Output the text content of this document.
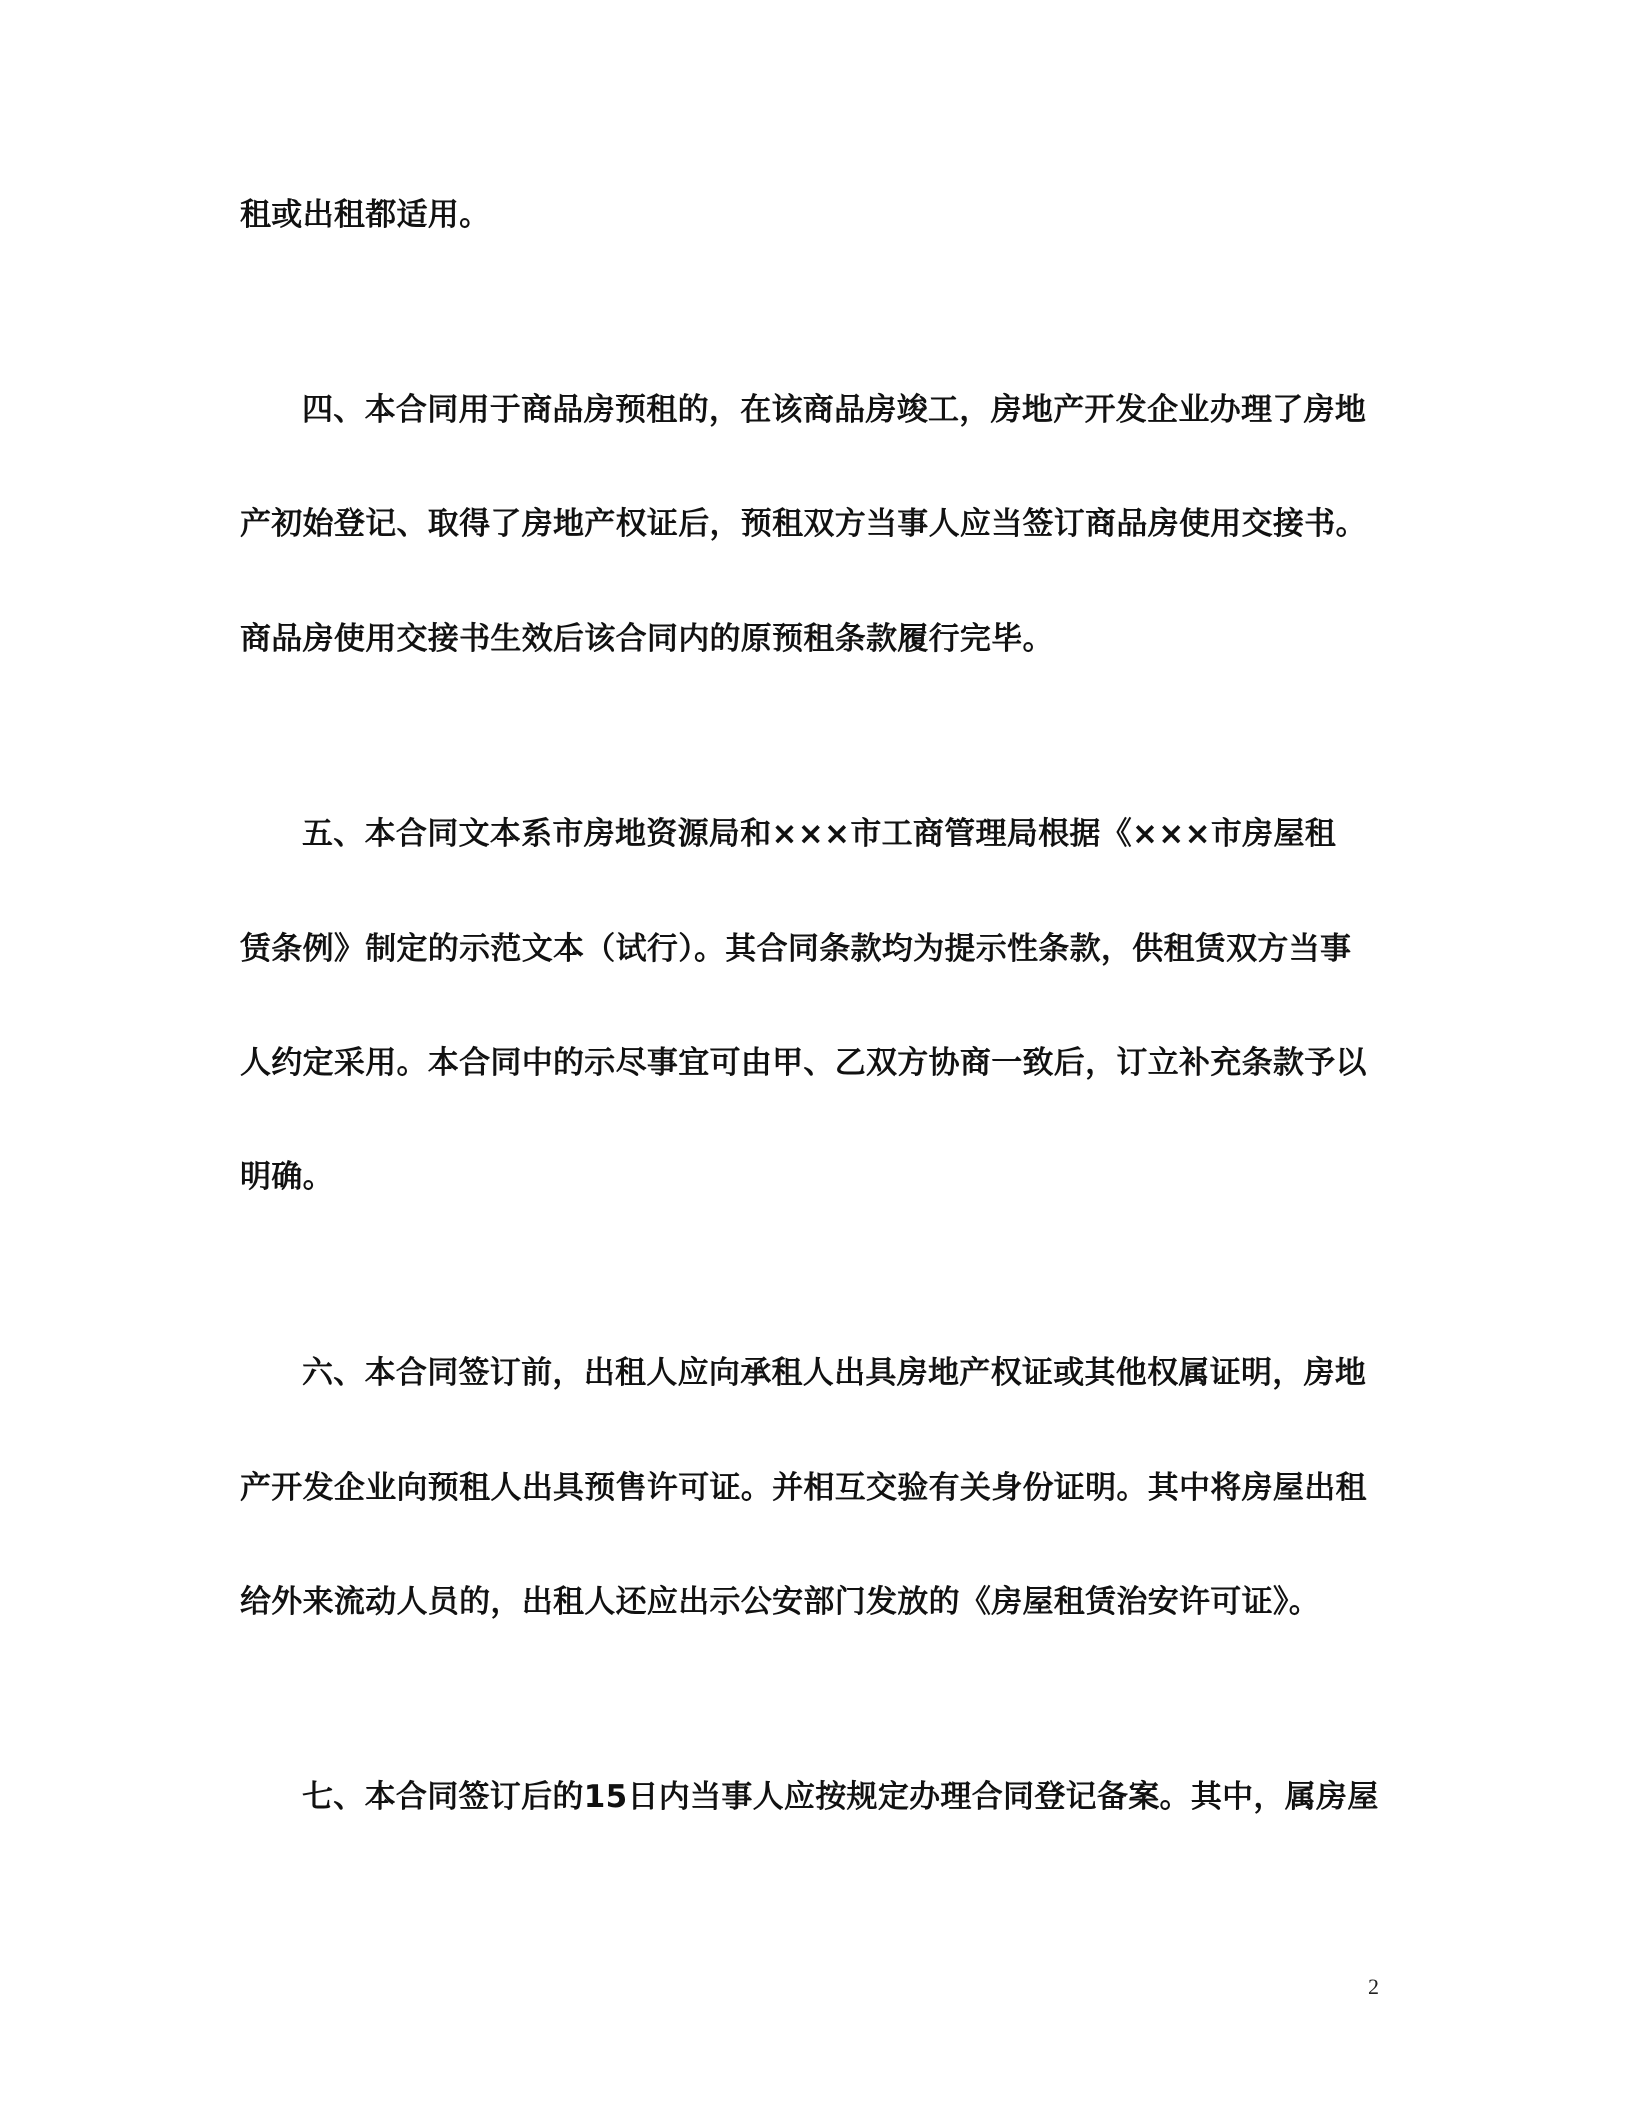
租或出租都适用。
四、本合同用于商品房预租的，在该商品房竣工，房地产开发企业办理了房地
产初始登记、取得了房地产权证后，预租双方当事人应当签订商品房使用交接书。
商品房使用交接书生效后该合同内的原预租条款履行完毕。
五、本合同文本系市房地资源局和×××市工商管理局根据《×××市房屋租
赁条例》制定的示范文本（试行）。其合同条款均为提示性条款，供租赁双方当事
人约定采用。本合同中的示尽事宜可由甲、乙双方协商一致后，订立补充条款予以
明确。
六、本合同签订前，出租人应向承租人出具房地产权证或其他权属证明，房地
产开发企业向预租人出具预售许可证。并相互交验有关身份证明。其中将房屋出租
给外来流动人员的，出租人还应出示公安部门发放的《房屋租赁治安许可证》。
七、本合同签订后的15日内当事人应按规定办理合同登记备案。其中，属房屋
2
